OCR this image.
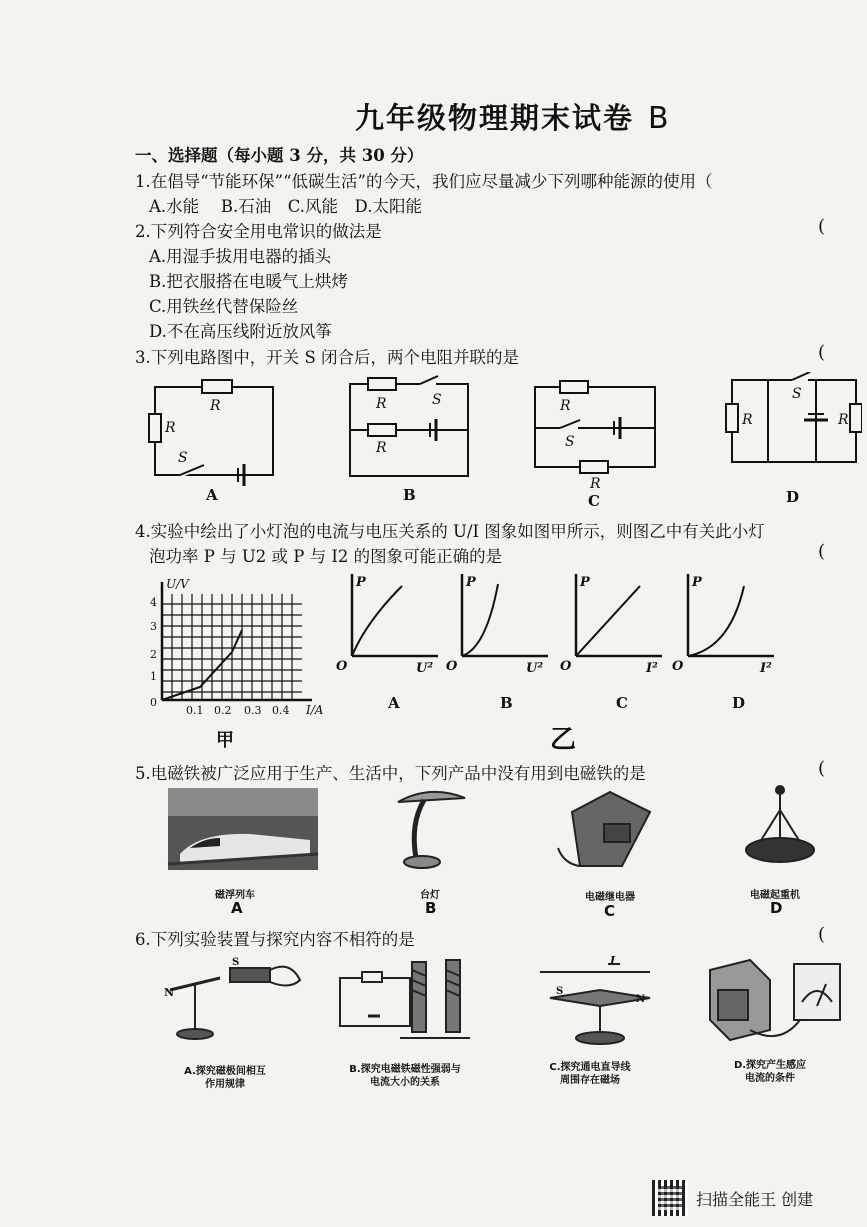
九年级物理期末试卷 B
一、选择题（每小题 3 分，共 30 分）
1.在倡导“节能环保”“低碳生活”的今天，我们应尽量减少下列哪种能源的使用（
A.水能　 B.石油　C.风能　D.太阳能
2.下列符合安全用电常识的做法是	(
A.用湿手拔用电器的插头
B.把衣服搭在电暖气上烘烤
C.用铁丝代替保险丝
D.不在高压线附近放风筝
3.下列电路图中，开关 S 闭合后，两个电阻并联的是	(
R
R
S
A
R	S
R
B
R
S
R
C
R
S
R
D
4.实验中绘出了小灯泡的电流与电压关系的 U/I 图象如图甲所示，则图乙中有关此小灯
泡功率 P 与 U2 或 P 与 I2 的图象可能正确的是	(
U/V
I/A
1
2
3
4
0
0.1 0.2 0.3 0.4
甲
P
O	U²
A
P
O	U²
B
P
O	I²
C
P
O	I²
D
乙
5.电磁铁被广泛应用于生产、生活中，下列产品中没有用到电磁铁的是	(
磁浮列车
A
台灯
B
电磁继电器
C
电磁起重机
D
6.下列实验装置与探究内容不相符的是	(
N
S	I
S
N
A.探究磁极间相互
作用规律
B.探究电磁铁磁性强弱与
电流大小的关系
C.探究通电直导线
周围存在磁场
D.探究产生感应
电流的条件
扫描全能王 创建
